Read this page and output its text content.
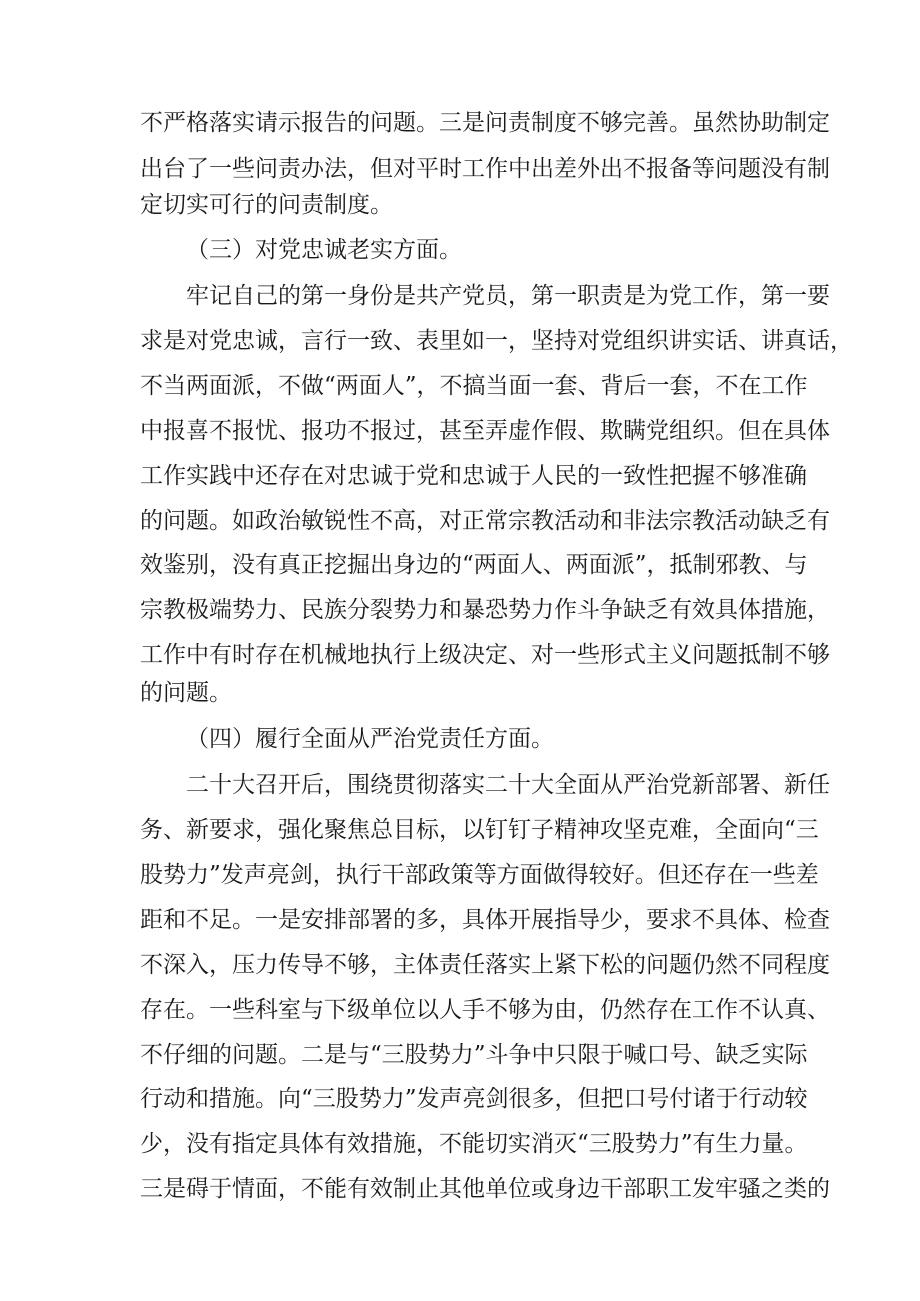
不严格落实请示报告的问题。三是问责制度不够完善。虽然协助制定
出台了一些问责办法，但对平时工作中出差外出不报备等问题没有制
定切实可行的问责制度。
（三）对党忠诚老实方面。
牢记自己的第一身份是共产党员，第一职责是为党工作，第一要
求是对党忠诚，言行一致、表里如一，坚持对党组织讲实话、讲真话，
不当两面派，不做“两面人”，不搞当面一套、背后一套，不在工作
中报喜不报忧、报功不报过，甚至弄虚作假、欺瞒党组织。但在具体
工作实践中还存在对忠诚于党和忠诚于人民的一致性把握不够准确
的问题。如政治敏锐性不高，对正常宗教活动和非法宗教活动缺乏有
效鉴别，没有真正挖掘出身边的“两面人、两面派”，抵制邪教、与
宗教极端势力、民族分裂势力和暴恐势力作斗争缺乏有效具体措施，
工作中有时存在机械地执行上级决定、对一些形式主义问题抵制不够
的问题。
（四）履行全面从严治党责任方面。
二十大召开后，围绕贯彻落实二十大全面从严治党新部署、新任
务、新要求，强化聚焦总目标，以钉钉子精神攻坚克难，全面向“三
股势力”发声亮剑，执行干部政策等方面做得较好。但还存在一些差
距和不足。一是安排部署的多，具体开展指导少，要求不具体、检查
不深入，压力传导不够，主体责任落实上紧下松的问题仍然不同程度
存在。一些科室与下级单位以人手不够为由，仍然存在工作不认真、
不仔细的问题。二是与“三股势力”斗争中只限于喊口号、缺乏实际
行动和措施。向“三股势力”发声亮剑很多，但把口号付诸于行动较
少，没有指定具体有效措施，不能切实消灭“三股势力”有生力量。
三是碍于情面，不能有效制止其他单位或身边干部职工发牢骚之类的
